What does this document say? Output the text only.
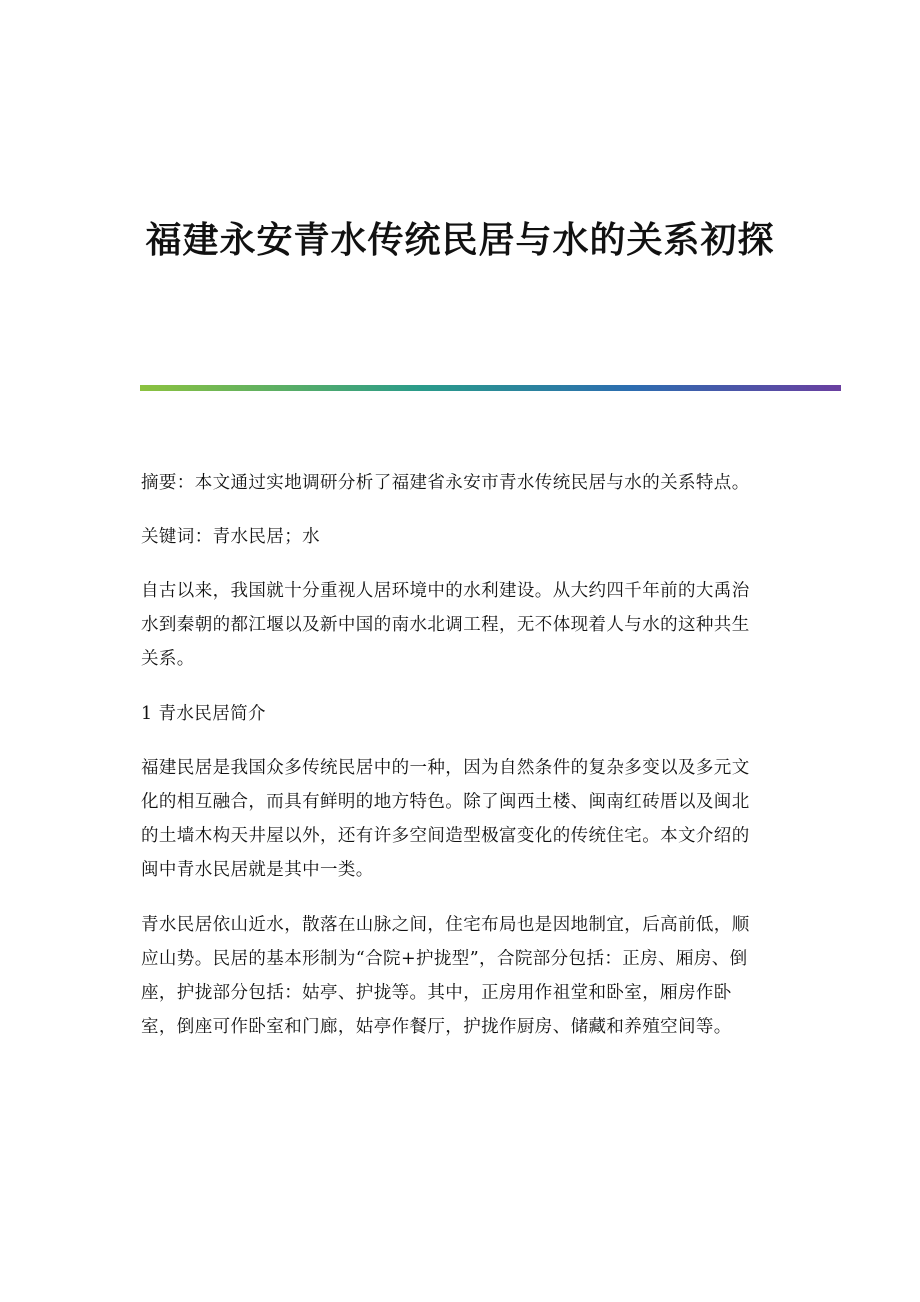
福建永安青水传统民居与水的关系初探

摘要：本文通过实地调研分析了福建省永安市青水传统民居与水的关系特点。

关键词：青水民居；水

自古以来，我国就十分重视人居环境中的水利建设。从大约四千年前的大禹治
水到秦朝的都江堰以及新中国的南水北调工程，无不体现着人与水的这种共生
关系。

1 青水民居简介

福建民居是我国众多传统民居中的一种，因为自然条件的复杂多变以及多元文
化的相互融合，而具有鲜明的地方特色。除了闽西土楼、闽南红砖厝以及闽北
的土墙木构天井屋以外，还有许多空间造型极富变化的传统住宅。本文介绍的
闽中青水民居就是其中一类。

青水民居依山近水，散落在山脉之间，住宅布局也是因地制宜，后高前低，顺
应山势。民居的基本形制为“合院+护拢型”，合院部分包括：正房、厢房、倒
座，护拢部分包括：姑亭、护拢等。其中，正房用作祖堂和卧室，厢房作卧
室，倒座可作卧室和门廊，姑亭作餐厅，护拢作厨房、储藏和养殖空间等。
